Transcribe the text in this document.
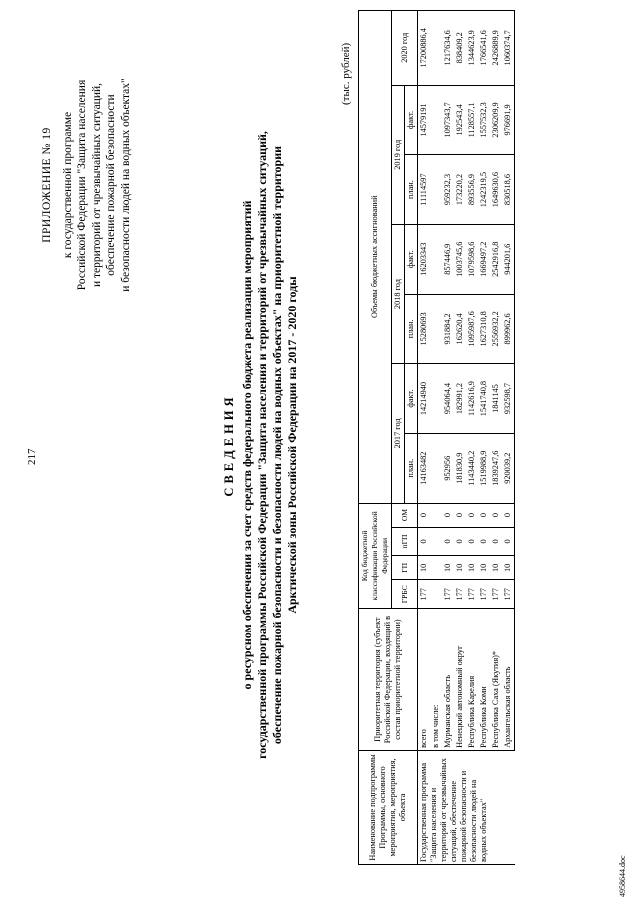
217
ПРИЛОЖЕНИЕ № 19 к государственной программе Российской Федерации "Защита населения и территорий от чрезвычайных ситуаций, обеспечение пожарной безопасности и безопасности людей на водных объектах"
СВЕДЕНИЯ о ресурсном обеспечении за счет средств федерального бюджета реализации мероприятий государственной программы Российской Федерации "Защита населения и территорий от чрезвычайных ситуаций, обеспечение пожарной безопасности и безопасности людей на водных объектах" на приоритетной территории Арктической зоны Российской Федерации на 2017 - 2020 годы
(тыс. рублей)
Наименование подпрограммы Программы, основного мероприятия, мероприятия, объекта	Приоритетная территория (субъект Российской Федерации, входящий в состав приоритетной территории)	Код бюджетной классификации Российской Федерации				Объемы бюджетных ассигнований						
		ГРБС	ГП	пГП	ОМ	2017 год		2018 год		2019 год		2020 год
						план.	факт.	план.	факт.	план.	факт.	
Государственная программа "Защита населения и территорий от чрезвычайных ситуаций, обеспечение пожарной безопасности и безопасности людей на водных объектах"	всего	177	10	0	0	14163482	14214940	15280693	16203343	11114597	14579191	17200886,4
	в том числе:											
	Мурманская область	177	10	0	0	952956	954064,4	931884,2	857446,9	959232,3	1097343,7	1217634,6
	Ненецкий автономный округ	177	10	0	0	181830,9	182991,2	162620,4	1003745,6	173220,2	192543,4	838409,2
	Республика Карелия	177	10	0	0	1143440,2	1142616,9	1095987,6	1079598,6	893556,9	1128557,1	1344623,9
	Республика Коми	177	10	0	0	1519988,9	1541740,8	1627310,8	1669497,2	1242319,5	1557532,3	1766541,6
	Республика Саха (Якутия)*	177	10	0	0	1839247,6	1841145	2556932,2	2542916,8	1649630,6	2306209,9	2426889,9
	Архангельская область	177	10	0	0	920039,2	932598,7	899962,6	944201,6	830518,6	976691,9	1060374,7
4958644.doc
